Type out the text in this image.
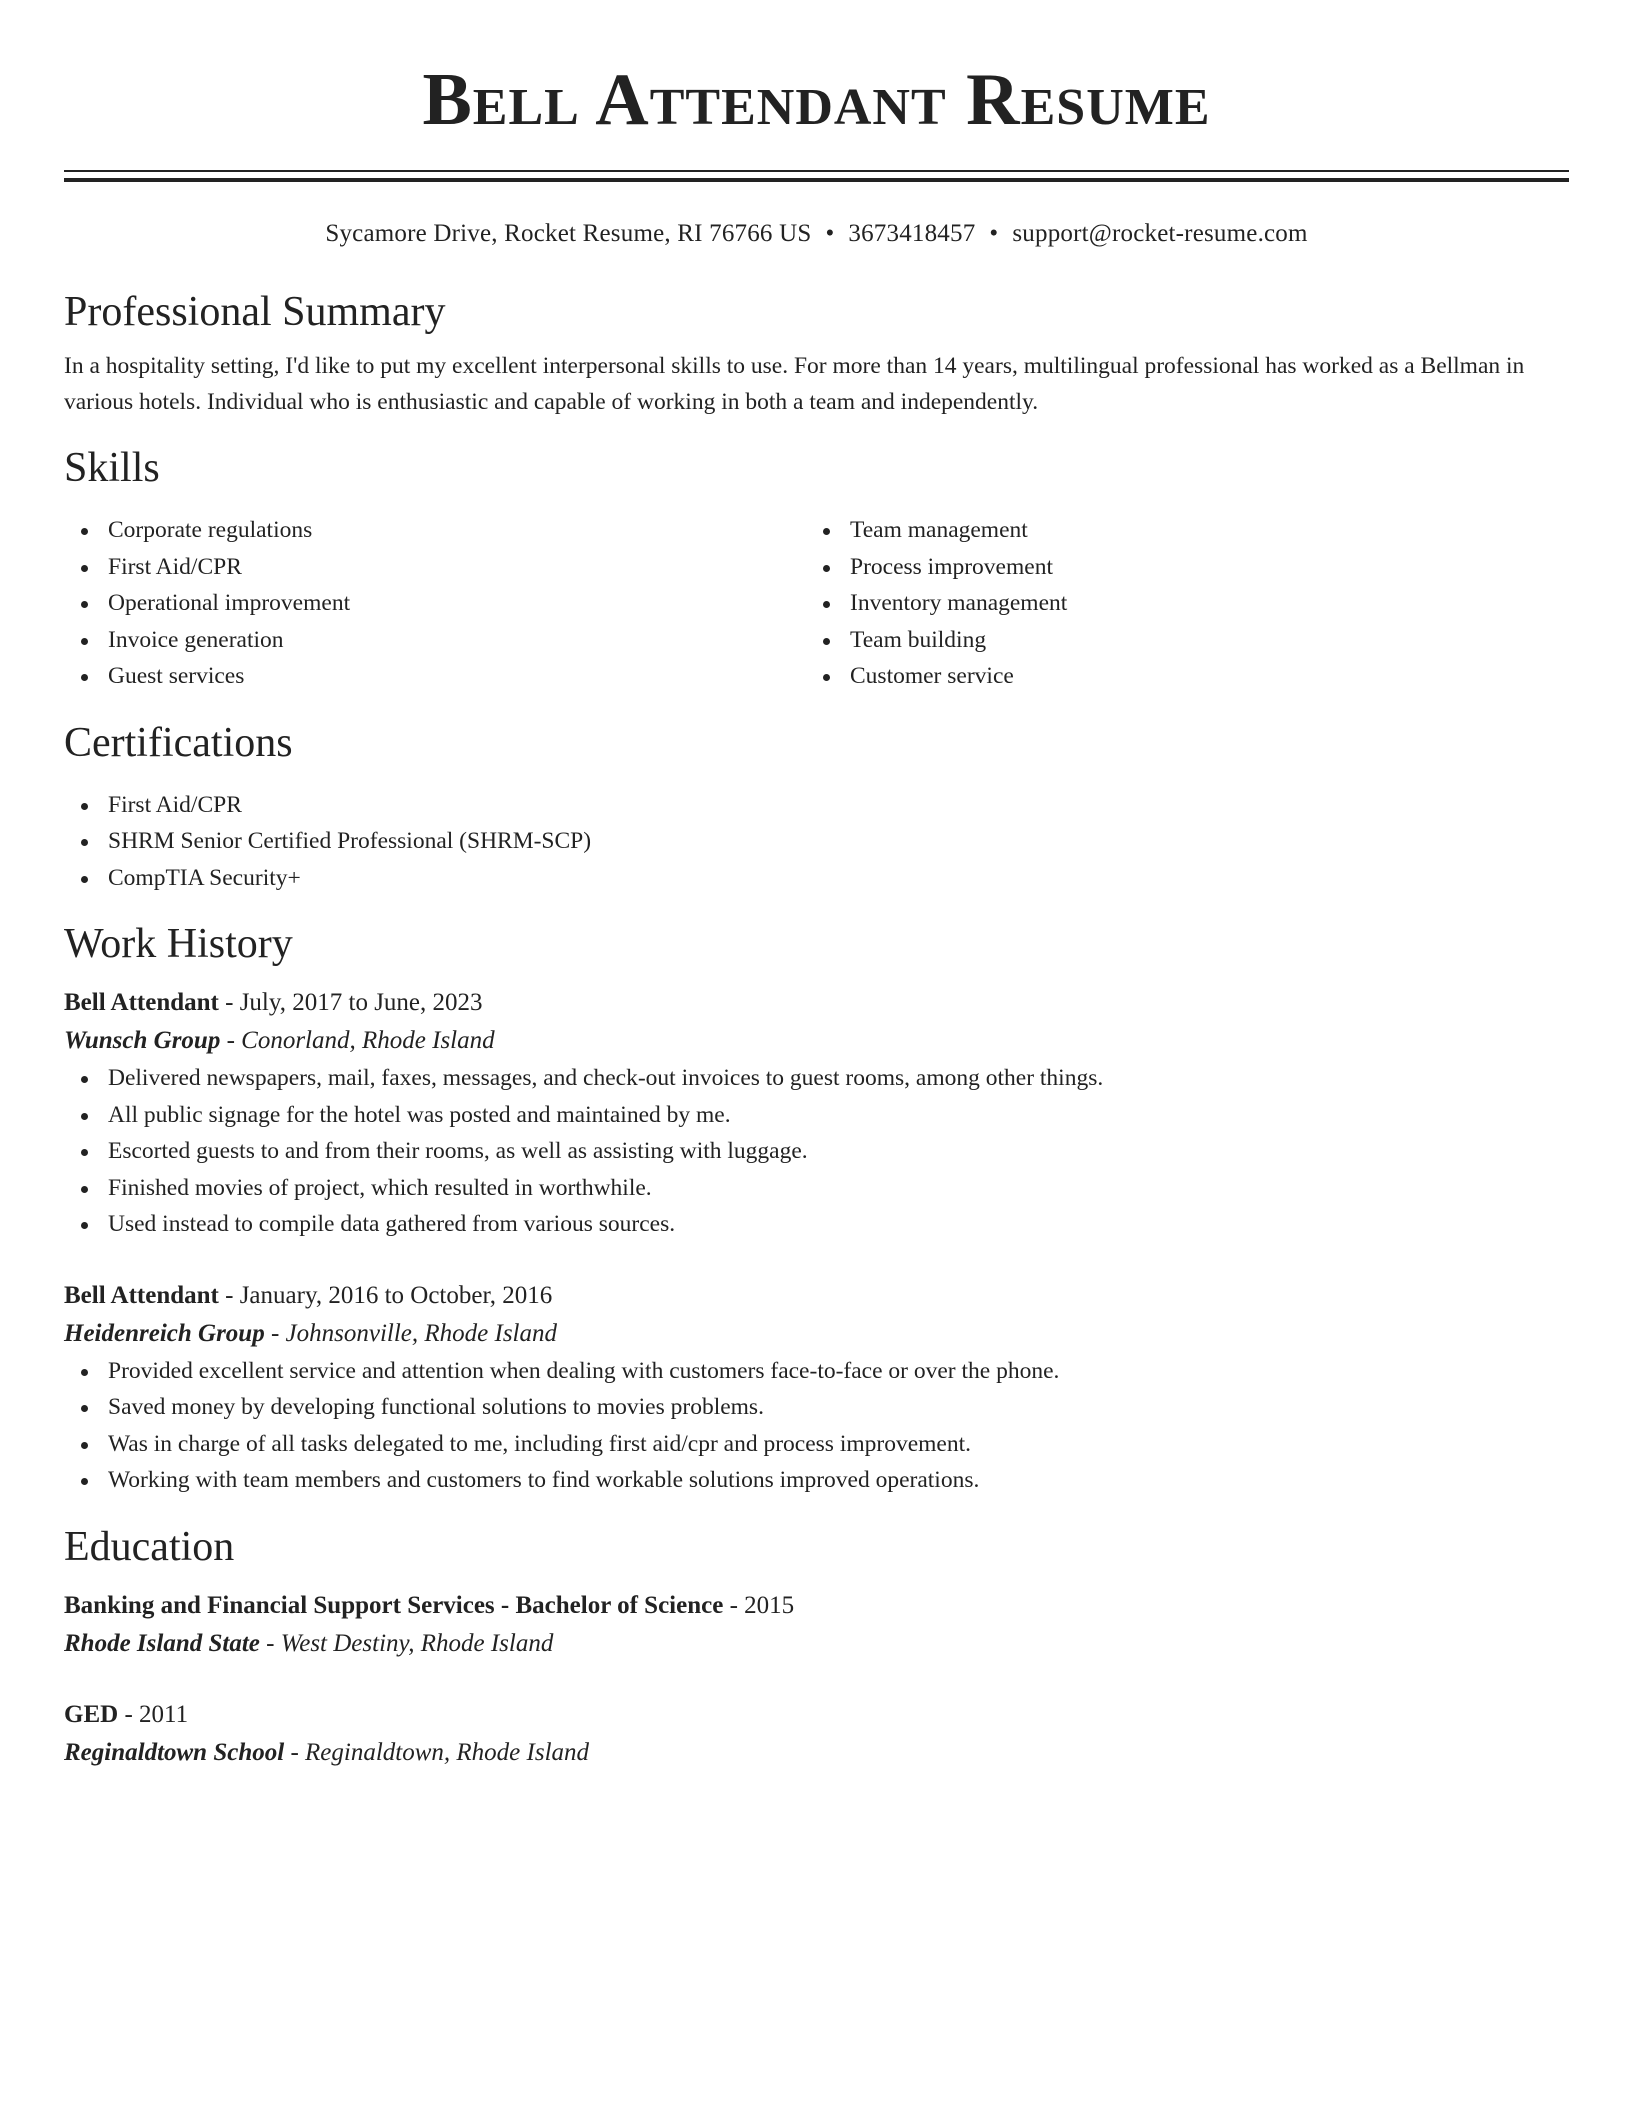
Bell Attendant Resume
Sycamore Drive, Rocket Resume, RI 76766 US • 3673418457 • support@rocket-resume.com
Professional Summary

In a hospitality setting, I'd like to put my excellent interpersonal skills to use. For more than 14 years, multilingual professional has worked as a Bellman in various hotels. Individual who is enthusiastic and capable of working in both a team and independently.

Skills
Corporate regulations
First Aid/CPR
Operational improvement
Invoice generation
Guest services
Team management
Process improvement
Inventory management
Team building
Customer service
Certifications
First Aid/CPR
SHRM Senior Certified Professional (SHRM-SCP)
CompTIA Security+
Work History
Bell Attendant - July, 2017 to June, 2023
Wunsch Group - Conorland, Rhode Island
Delivered newspapers, mail, faxes, messages, and check-out invoices to guest rooms, among other things.
All public signage for the hotel was posted and maintained by me.
Escorted guests to and from their rooms, as well as assisting with luggage.
Finished movies of project, which resulted in worthwhile.
Used instead to compile data gathered from various sources.
Bell Attendant - January, 2016 to October, 2016
Heidenreich Group - Johnsonville, Rhode Island
Provided excellent service and attention when dealing with customers face-to-face or over the phone.
Saved money by developing functional solutions to movies problems.
Was in charge of all tasks delegated to me, including first aid/cpr and process improvement.
Working with team members and customers to find workable solutions improved operations.
Education
Banking and Financial Support Services - Bachelor of Science - 2015
Rhode Island State - West Destiny, Rhode Island
GED - 2011
Reginaldtown School - Reginaldtown, Rhode Island
